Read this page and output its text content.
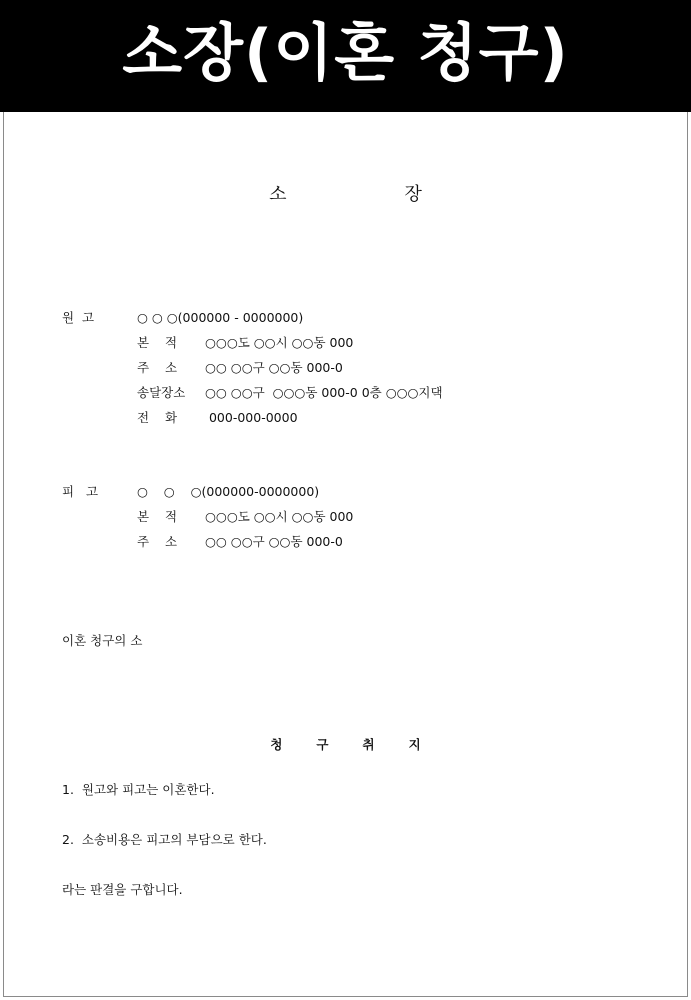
소장(이혼 청구)
소장
원  고	○ ○ ○(000000 - 0000000)
본    적 ○○○도 ○○시 ○○동 000
주    소 ○○ ○○구 ○○동 000-0
송달장소 ○○ ○○구  ○○○동 000-0 0층 ○○○지댁
전    화 000-000-0000
피   고	○    ○    ○(000000-0000000)
본    적 ○○○도 ○○시 ○○동 000
주    소 ○○ ○○구 ○○동 000-0
이혼 청구의 소
청구취지
1.  원고와 피고는 이혼한다.
2.  소송비용은 피고의 부담으로 한다.
라는 판결을 구합니다.
